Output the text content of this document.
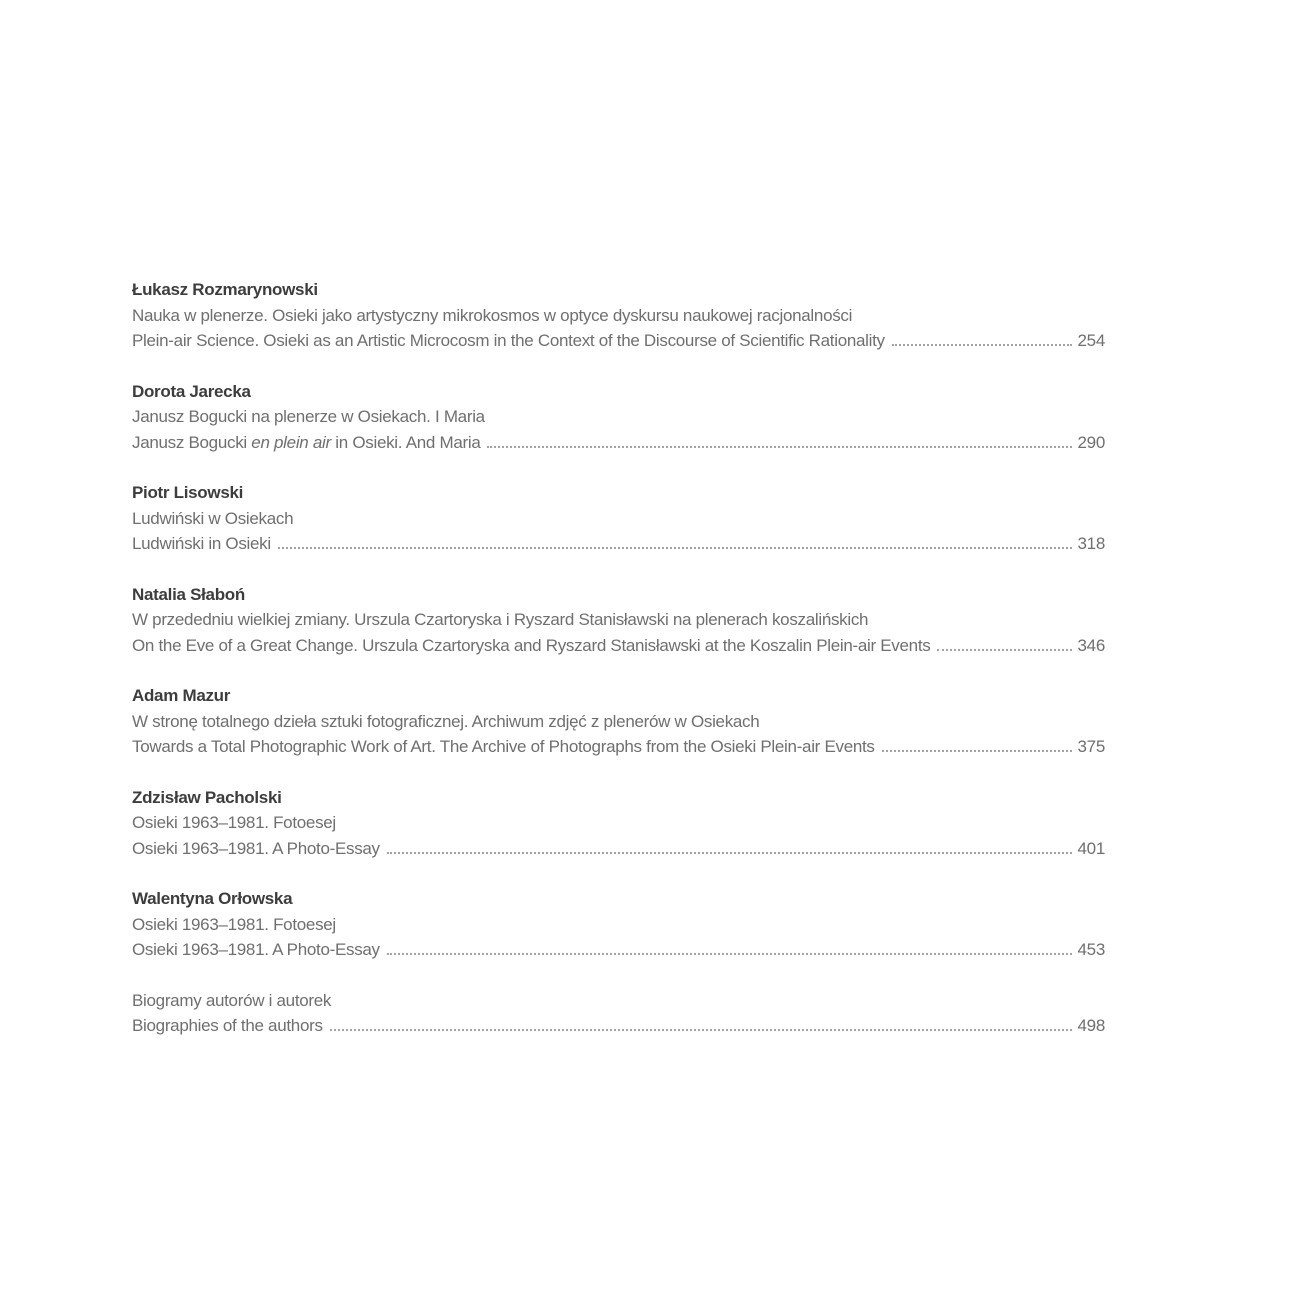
Łukasz Rozmarynowski
Nauka w plenerze. Osieki jako artystyczny mikrokosmos w optyce dyskursu naukowej racjonalności
Plein-air Science. Osieki as an Artistic Microcosm in the Context of the Discourse of Scientific Rationality	254
Dorota Jarecka
Janusz Bogucki na plenerze w Osiekach. I Maria
Janusz Bogucki en plein air in Osieki. And Maria	290
Piotr Lisowski
Ludwiński w Osiekach
Ludwiński in Osieki	318
Natalia Słaboń
W przededniu wielkiej zmiany. Urszula Czartoryska i Ryszard Stanisławski na plenerach koszalińskich
On the Eve of a Great Change. Urszula Czartoryska and Ryszard Stanisławski at the Koszalin Plein-air Events	346
Adam Mazur
W stronę totalnego dzieła sztuki fotograficznej. Archiwum zdjęć z plenerów w Osiekach
Towards a Total Photographic Work of Art. The Archive of Photographs from the Osieki Plein-air Events	375
Zdzisław Pacholski
Osieki 1963–1981. Fotoesej
Osieki 1963–1981. A Photo-Essay	401
Walentyna Orłowska
Osieki 1963–1981. Fotoesej
Osieki 1963–1981. A Photo-Essay	453
Biogramy autorów i autorek
Biographies of the authors	498
